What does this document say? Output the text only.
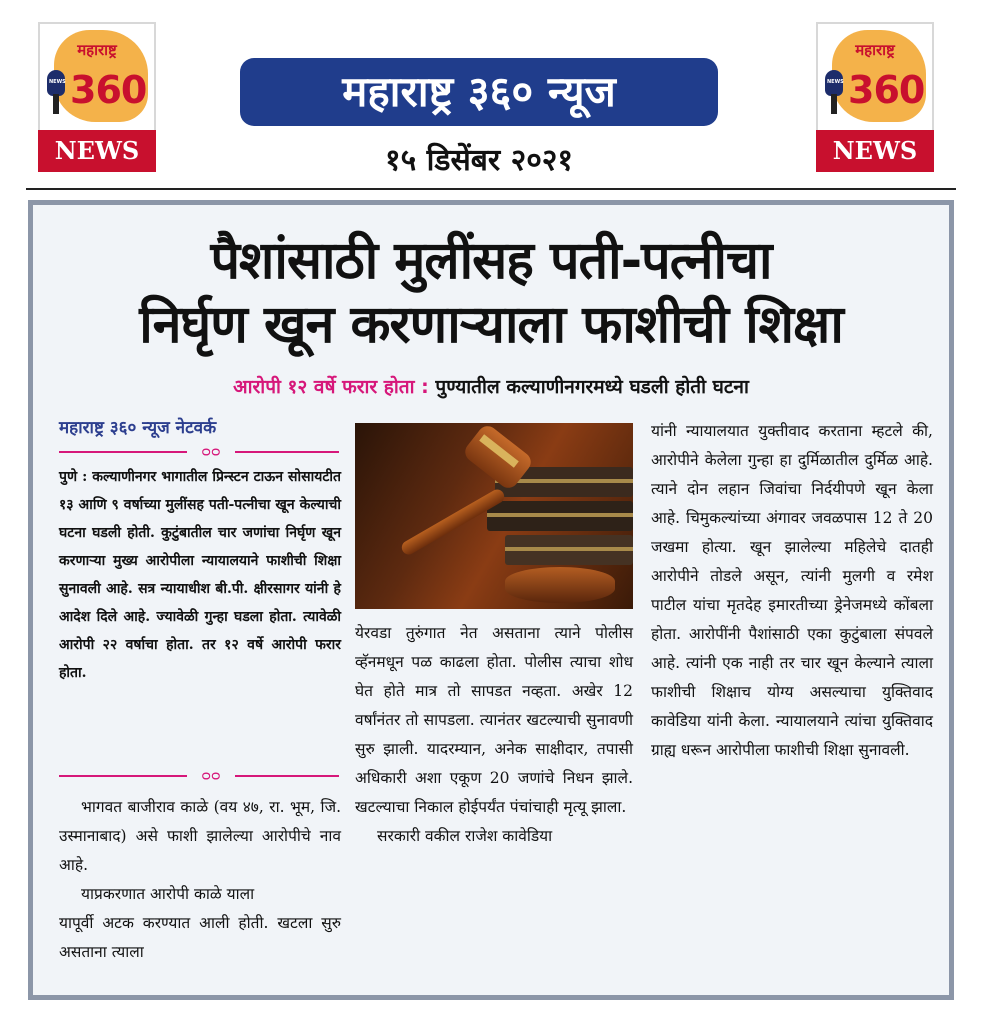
महाराष्ट्र
NEWS 360
NEWS
महाराष्ट्र ३६० न्यूज
१५ डिसेंबर २०२१
महाराष्ट्र
NEWS 360
NEWS
पैशांसाठी मुलींसह पती-पत्नीचा
निर्घृण खून करणाऱ्याला फाशीची शिक्षा
आरोपी १२ वर्षे फरार होता : पुण्यातील कल्याणीनगरमध्ये घडली होती घटना
महाराष्ट्र ३६० न्यूज नेटवर्क
ᴑᴑ

पुणे : कल्याणीनगर भागातील प्रिन्स्टन टाऊन सोसायटीत १३ आणि ९ वर्षाच्या मुलींसह पती-पत्नीचा खून केल्याची घटना घडली होती. कुटुंबातील चार जणांचा निर्घृण खून करणाऱ्या मुख्य आरोपीला न्यायालयाने फाशीची शिक्षा सुनावली आहे. सत्र न्यायाधीश बी.पी. क्षीरसागर यांनी हे आदेश दिले आहे. ज्यावेळी गुन्हा घडला होता. त्यावेळी आरोपी २२ वर्षाचा होता. तर १२ वर्षे आरोपी फरार होता.

ᴑᴑ

भागवत बाजीराव काळे (वय ४७, रा. भूम, जि. उस्मानाबाद) असे फाशी झालेल्या आरोपीचे नाव आहे.

याप्रकरणात आरोपी काळे याला

यापूर्वी अटक करण्यात आली होती. खटला सुरु असताना त्याला

येरवडा तुरुंगात नेत असताना त्याने पोलीस व्हॅनमधून पळ काढला होता. पोलीस त्याचा शोध घेत होते मात्र तो सापडत नव्हता. अखेर 12 वर्षांनंतर तो सापडला. त्यानंतर खटल्याची सुनावणी सुरु झाली. यादरम्यान, अनेक साक्षीदार, तपासी अधिकारी अशा एकूण 20 जणांचे निधन झाले. खटल्याचा निकाल होईपर्यंत पंचांचाही मृत्यू झाला.

सरकारी वकील राजेश कावेडिया

यांनी न्यायालयात युक्तीवाद करताना म्हटले की, आरोपीने केलेला गुन्हा हा दुर्मिळातील दुर्मिळ आहे. त्याने दोन लहान जिवांचा निर्दयीपणे खून केला आहे. चिमुकल्यांच्या अंगावर जवळपास 12 ते 20 जखमा होत्या. खून झालेल्या महिलेचे दातही आरोपीने तोडले असून, त्यांनी मुलगी व रमेश पाटील यांचा मृतदेह इमारतीच्या ड्रेनेजमध्ये कोंबला होता. आरोपींनी पैशांसाठी एका कुटुंबाला संपवले आहे. त्यांनी एक नाही तर चार खून केल्याने त्याला फाशीची शिक्षाच योग्य असल्याचा युक्तिवाद कावेडिया यांनी केला. न्यायालयाने त्यांचा युक्तिवाद ग्राह्य धरून आरोपीला फाशीची शिक्षा सुनावली.
